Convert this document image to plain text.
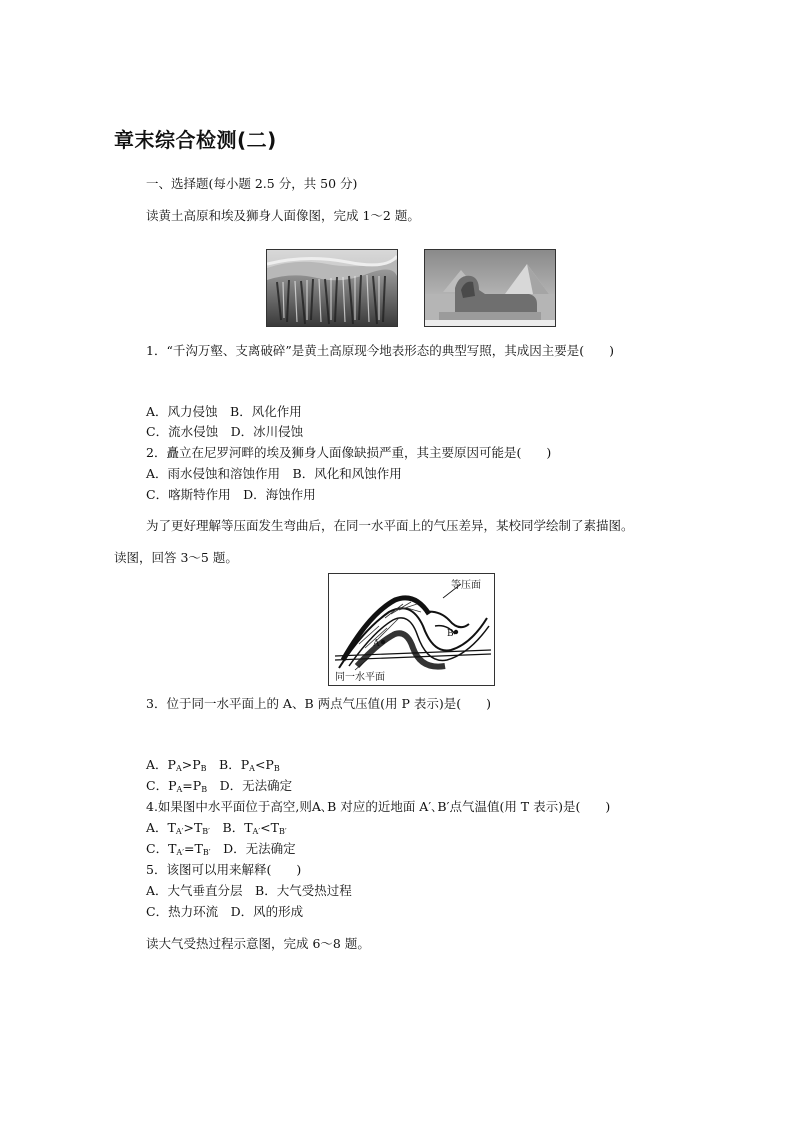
章末综合检测(二)
一、选择题(每小题 2.5 分，共 50 分)
读黄土高原和埃及狮身人面像图，完成 1～2 题。
1．“千沟万壑、支离破碎”是黄土高原现今地表形态的典型写照，其成因主要是(　　)
A．风力侵蚀　B．风化作用
C．流水侵蚀　D．冰川侵蚀
2．矗立在尼罗河畔的埃及狮身人面像缺损严重，其主要原因可能是(　　)
A．雨水侵蚀和溶蚀作用　B．风化和风蚀作用
C．喀斯特作用　D．海蚀作用
为了更好理解等压面发生弯曲后，在同一水平面上的气压差异，某校同学绘制了素描图。
读图，回答 3～5 题。
等压面
同一水平面
A
B
3．位于同一水平面上的 A、B 两点气压值(用 P 表示)是(　　)
A．$P_A>P_B$　 B．$P_A<P_B$
C．$P_A=P_B$　 D．无法确定
4.如果图中水平面位于高空,则A､B 对应的近地面 A′､B′点气温值(用 T 表示)是(　　)
A．$T_{A'}>T_{B'}$　 B．$T_{A'}<T_{B'}$
C．$T_{A'}=T_{B'}$　 D．无法确定
5．该图可以用来解释(　　)
A．大气垂直分层　B．大气受热过程
C．热力环流　D．风的形成
读大气受热过程示意图，完成 6～8 题。
